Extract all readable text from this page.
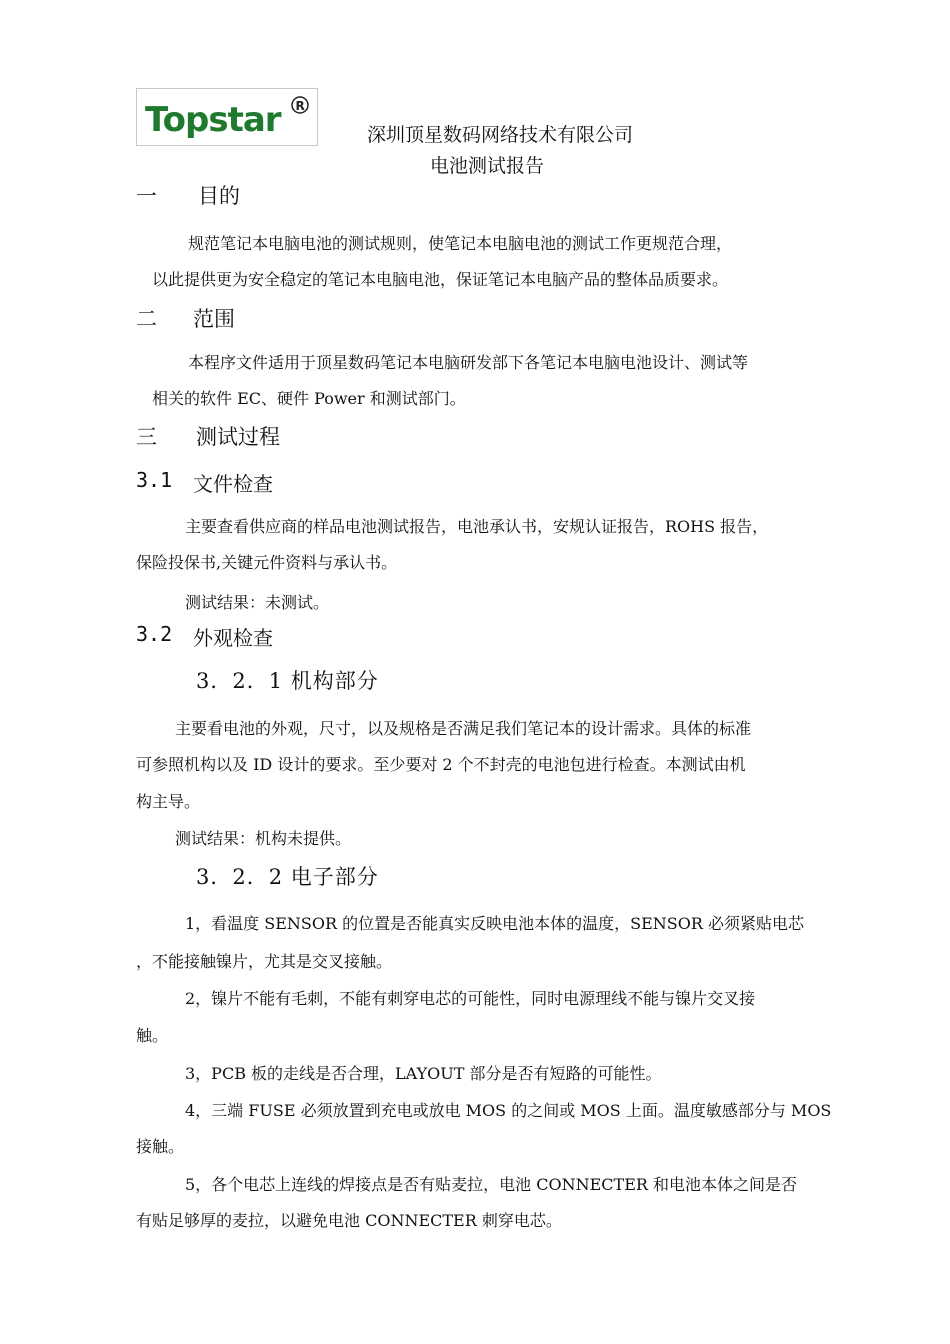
Topstar R
深圳顶星数码网络技术有限公司
电池测试报告
一 目的
规范笔记本电脑电池的测试规则，使笔记本电脑电池的测试工作更规范合理，
以此提供更为安全稳定的笔记本电脑电池，保证笔记本电脑产品的整体品质要求。
二 范围
本程序文件适用于顶星数码笔记本电脑研发部下各笔记本电脑电池设计、测试等
相关的软件 EC、硬件 Power 和测试部门。
三 测试过程
3.1 文件检查
主要查看供应商的样品电池测试报告，电池承认书，安规认证报告，ROHS 报告，
保险投保书,关键元件资料与承认书。
测试结果：未测试。
3.2 外观检查
3．2．1 机构部分
主要看电池的外观，尺寸，以及规格是否满足我们笔记本的设计需求。具体的标准
可参照机构以及 ID 设计的要求。至少要对 2 个不封壳的电池包进行检查。本测试由机
构主导。
测试结果：机构未提供。
3．2．2 电子部分
1，看温度 SENSOR 的位置是否能真实反映电池本体的温度，SENSOR 必须紧贴电芯
，不能接触镍片，尤其是交叉接触。
2，镍片不能有毛刺，不能有刺穿电芯的可能性，同时电源理线不能与镍片交叉接
触。
3，PCB 板的走线是否合理，LAYOUT 部分是否有短路的可能性。
4，三端 FUSE 必须放置到充电或放电 MOS 的之间或 MOS 上面。温度敏感部分与 MOS
接触。
5，各个电芯上连线的焊接点是否有贴麦拉，电池 CONNECTER 和电池本体之间是否
有贴足够厚的麦拉，以避免电池 CONNECTER 刺穿电芯。
